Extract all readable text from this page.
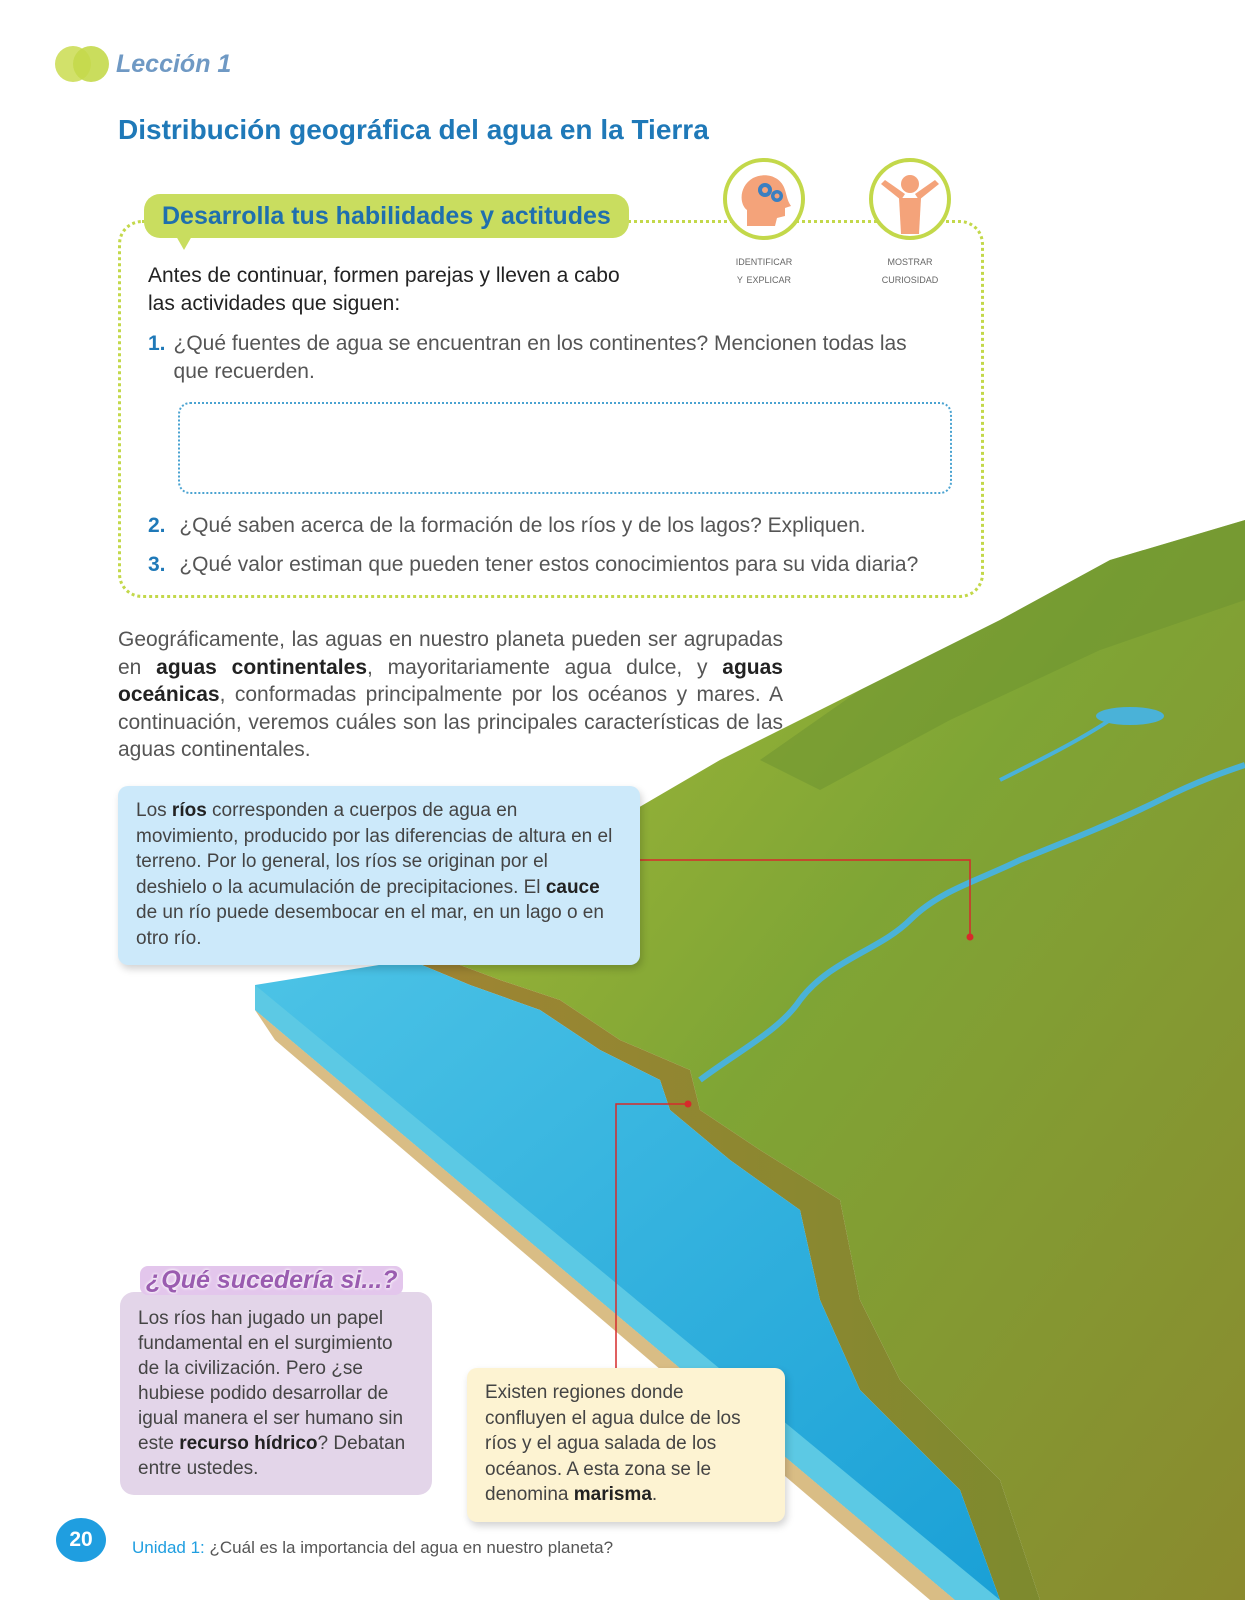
Lección 1
Distribución geográfica del agua en la Tierra
Desarrolla tus habilidades y actitudes
identificar
y explicar
mostrar
curiosidad
Antes de continuar, formen parejas y lleven a cabo las actividades que siguen:
1. ¿Qué fuentes de agua se encuentran en los continentes? Mencionen todas las que recuerden.
2. ¿Qué saben acerca de la formación de los ríos y de los lagos? Expliquen.
3. ¿Qué valor estiman que pueden tener estos conocimientos para su vida diaria?
Geográficamente, las aguas en nuestro planeta pueden ser agrupadas en aguas continentales, mayoritariamente agua dulce, y aguas oceánicas, conformadas principalmente por los océanos y mares. A continuación, veremos cuáles son las principales características de las aguas continentales.
Los ríos corresponden a cuerpos de agua en movimiento, producido por las diferencias de altura en el terreno. Por lo general, los ríos se originan por el deshielo o la acumulación de precipitaciones. El cauce de un río puede desembocar en el mar, en un lago o en otro río.
Los ríos han jugado un papel fundamental en el surgimiento de la civilización. Pero ¿se hubiese podido desarrollar de igual manera el ser humano sin este recurso hídrico? Debatan entre ustedes.
¿Qué sucedería si...?
Existen regiones donde confluyen el agua dulce de los ríos y el agua salada de los océanos. A esta zona se le denomina marisma.
20	Unidad 1: ¿Cuál es la importancia del agua en nuestro planeta?
